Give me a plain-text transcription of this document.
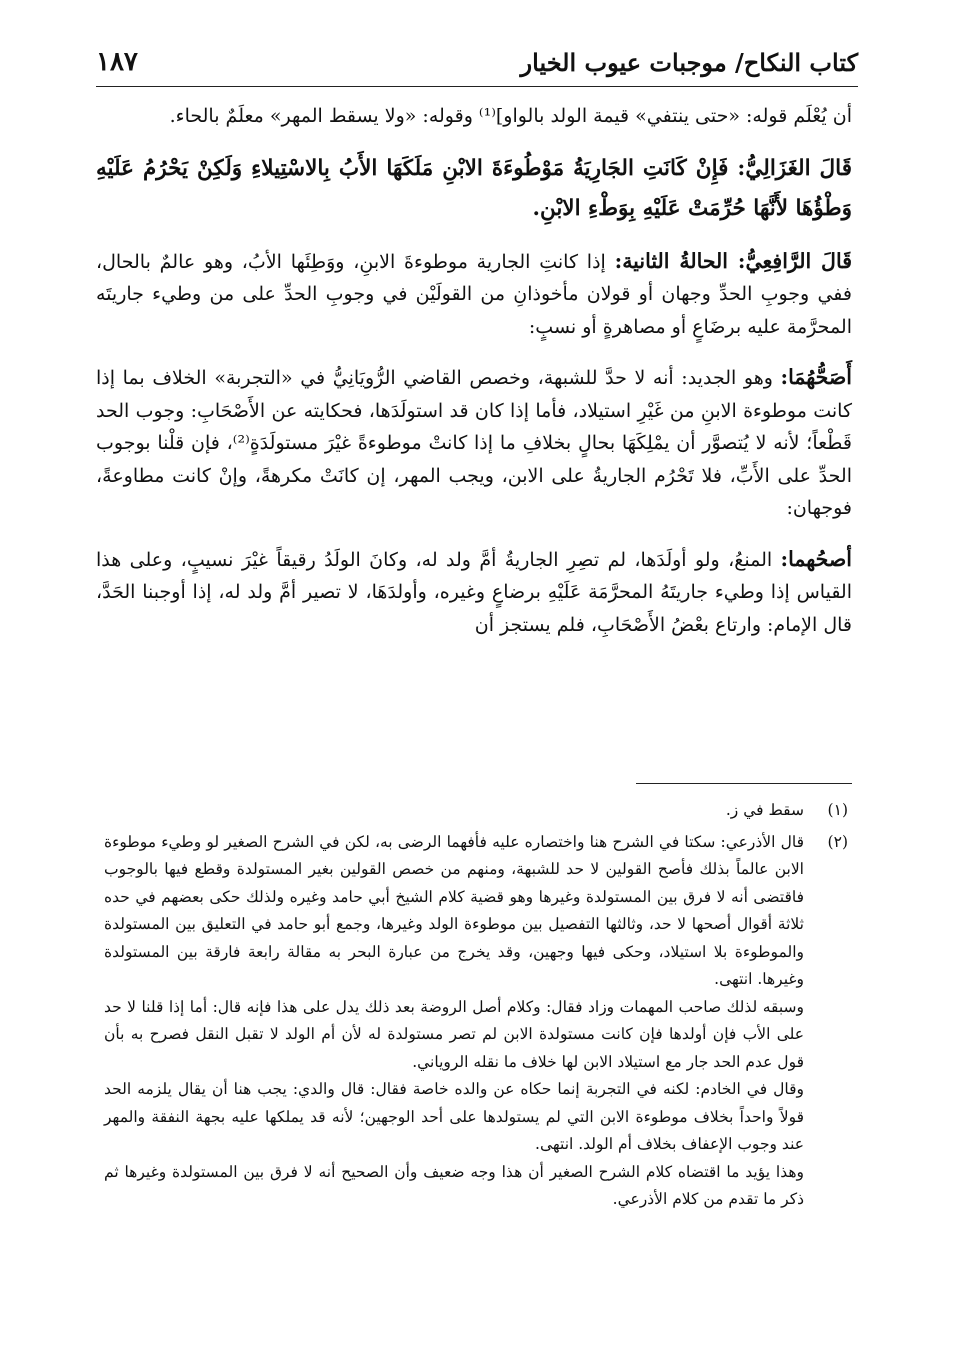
كتاب النكاح/ موجبات عيوب الخيار
١٨٧

أن يُعْلَم قوله: «حتى ينتفي» قيمة الولد بالواو]⁽¹⁾ وقوله: «ولا يسقط المهر» معلَمٌ بالحاء.

قَالَ الغَزَالِيُّ: فَإِنْ كَانَتِ الجَارِيَةُ مَوْطُوءَةَ الابْنِ مَلَكَهَا الأَبُ بِالاسْتِيلاءِ وَلَكِنْ يَحْرُمُ عَلَيْهِ وَطْؤُهَا لأَنَّهَا حُرِّمَتْ عَلَيْهِ بِوَطْءِ الابْنِ.

قَالَ الرَّافِعِيُّ: الحالةُ الثانية: إذا كانتِ الجارية موطوءةَ الابنِ، ووَطِئَها الأبُ، وهو عالمٌ بالحال، ففي وجوبِ الحدِّ وجهان أو قولان مأخوذانِ من القولَيْن في وجوبِ الحدِّ على من وطيء جاريتَه المحرَّمة عليه برضَاعٍ أو مصاهرةٍ أو نسبٍ:

أَصَحُّهُمَا: وهو الجديد: أنه لا حدَّ للشبهة، وخصص القاضي الرُّويَانِيُّ في «التجربة» الخلاف بما إذا كانت موطوءة الابنِ من غَيْرِ استيلاد، فأما إذا كان قد استولَدَها، فحكايته عن الأَصْحَابِ: وجوب الحد قَطْعاً؛ لأنه لا يُتصوَّر أن يمْلِكَهَا بحالٍ بخلافِ ما إذا كانتْ موطوءةً غيْرَ مستولَدَةٍ⁽²⁾، فإن قلْنا بوجوب الحدِّ على الأَبِّ، فلا تَحْرُم الجاريةُ على الابن، ويجب المهر، إن كانَتْ مكرهةً، وإنْ كانت مطاوعةً، فوجهان:

أصحُهما: المنعُ، ولو أولَدَها، لم تصِرِ الجاريةُ أمَّ ولد له، وكانَ الولَدُ رقيقاً غيْرَ نسيبٍ، وعلى هذا القياس إذا وطيء جاريتَهُ المحرَّمَة عَلَيْهِ برضاعٍ وغيره، وأولدَهَا، لا تصير أمَّ ولد له، إذا أوجبنا الحَدَّ، قال الإمام: وارتاع بعْضُ الأَصْحَابِ، فلم يستجز أن

(١)

سقط في ز.

(٢)

قال الأذرعي: سكتا في الشرح هنا واختصاره عليه فأفهما الرضى به، لكن في الشرح الصغير لو وطيء موطوءة الابن عالماً بذلك فأصح القولين لا حد للشبهة، ومنهم من خصص القولين بغير المستولدة وقطع فيها بالوجوب فاقتضى أنه لا فرق بين المستولدة وغيرها وهو قضية كلام الشيخ أبي حامد وغيره ولذلك حكى بعضهم في حده ثلاثة أقوال أصحها لا حد، وثالثها التفصيل بين موطوءة الولد وغيرها، وجمع أبو حامد في التعليق بين المستولدة والموطوءة بلا استيلاد، وحكى فيها وجهين، وقد يخرج من عبارة البحر به مقالة رابعة فارقة بين المستولدة وغيرها. انتهى.

وسبقه لذلك صاحب المهمات وزاد فقال: وكلام أصل الروضة بعد ذلك يدل على هذا فإنه قال: أما إذا قلنا لا حد على الأب فإن أولدها فإن كانت مستولدة الابن لم تصر مستولدة له لأن أم الولد لا تقبل النقل فصرح به بأن قول عدم الحد جار مع استيلاد الابن لها خلاف ما نقله الروياني.

وقال في الخادم: لكنه في التجربة إنما حكاه عن والده خاصة فقال: قال والدي: يجب هنا أن يقال يلزمه الحد قولاً واحداً بخلاف موطوءة الابن التي لم يستولدها على أحد الوجهين؛ لأنه قد يملكها عليه بجهة النفقة والمهر عند وجوب الإعفاف بخلاف أم الولد. انتهى.

وهذا يؤيد ما اقتضاه كلام الشرح الصغير أن هذا وجه ضعيف وأن الصحيح أنه لا فرق بين المستولدة وغيرها ثم ذكر ما تقدم من كلام الأذرعي.
